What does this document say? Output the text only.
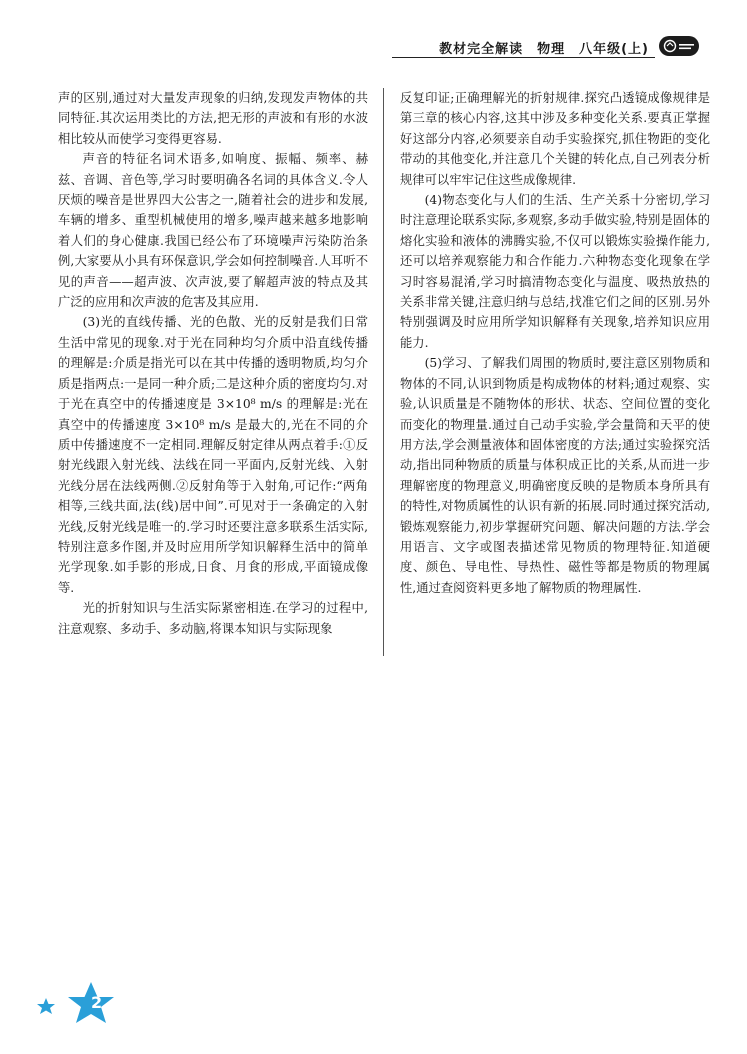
教材完全解读　物理　八年级(上)

声的区别,通过对大量发声现象的归纳,发现发声物体的共同特征.其次运用类比的方法,把无形的声波和有形的水波相比较从而使学习变得更容易.

声音的特征名词术语多,如响度、振幅、频率、赫兹、音调、音色等,学习时要明确各名词的具体含义.令人厌烦的噪音是世界四大公害之一,随着社会的进步和发展,车辆的增多、重型机械使用的增多,噪声越来越多地影响着人们的身心健康.我国已经公布了环境噪声污染防治条例,大家要从小具有环保意识,学会如何控制噪音.人耳听不见的声音——超声波、次声波,要了解超声波的特点及其广泛的应用和次声波的危害及其应用.

(3)光的直线传播、光的色散、光的反射是我们日常生活中常见的现象.对于光在同种均匀介质中沿直线传播的理解是:介质是指光可以在其中传播的透明物质,均匀介质是指两点:一是同一种介质;二是这种介质的密度均匀.对于光在真空中的传播速度是 3×10⁸ m/s 的理解是:光在真空中的传播速度 3×10⁸ m/s 是最大的,光在不同的介质中传播速度不一定相同.理解反射定律从两点着手:①反射光线跟入射光线、法线在同一平面内,反射光线、入射光线分居在法线两侧.②反射角等于入射角,可记作:“两角相等,三线共面,法(线)居中间”.可见对于一条确定的入射光线,反射光线是唯一的.学习时还要注意多联系生活实际,特别注意多作图,并及时应用所学知识解释生活中的简单光学现象.如手影的形成,日食、月食的形成,平面镜成像等.

光的折射知识与生活实际紧密相连.在学习的过程中,注意观察、多动手、多动脑,将课本知识与实际现象

反复印证;正确理解光的折射规律.探究凸透镜成像规律是第三章的核心内容,这其中涉及多种变化关系.要真正掌握好这部分内容,必须要亲自动手实验探究,抓住物距的变化带动的其他变化,并注意几个关键的转化点,自己列表分析规律可以牢牢记住这些成像规律.

(4)物态变化与人们的生活、生产关系十分密切,学习时注意理论联系实际,多观察,多动手做实验,特别是固体的熔化实验和液体的沸腾实验,不仅可以锻炼实验操作能力,还可以培养观察能力和合作能力.六种物态变化现象在学习时容易混淆,学习时搞清物态变化与温度、吸热放热的关系非常关键,注意归纳与总结,找准它们之间的区别.另外特别强调及时应用所学知识解释有关现象,培养知识应用能力.

(5)学习、了解我们周围的物质时,要注意区别物质和物体的不同,认识到物质是构成物体的材料;通过观察、实验,认识质量是不随物体的形状、状态、空间位置的变化而变化的物理量.通过自己动手实验,学会量筒和天平的使用方法,学会测量液体和固体密度的方法;通过实验探究活动,指出同种物质的质量与体积成正比的关系,从而进一步理解密度的物理意义,明确密度反映的是物质本身所具有的特性,对物质属性的认识有新的拓展.同时通过探究活动,锻炼观察能力,初步掌握研究问题、解决问题的方法.学会用语言、文字或图表描述常见物质的物理特征.知道硬度、颜色、导电性、导热性、磁性等都是物质的物理属性,通过查阅资料更多地了解物质的物理属性.

2
